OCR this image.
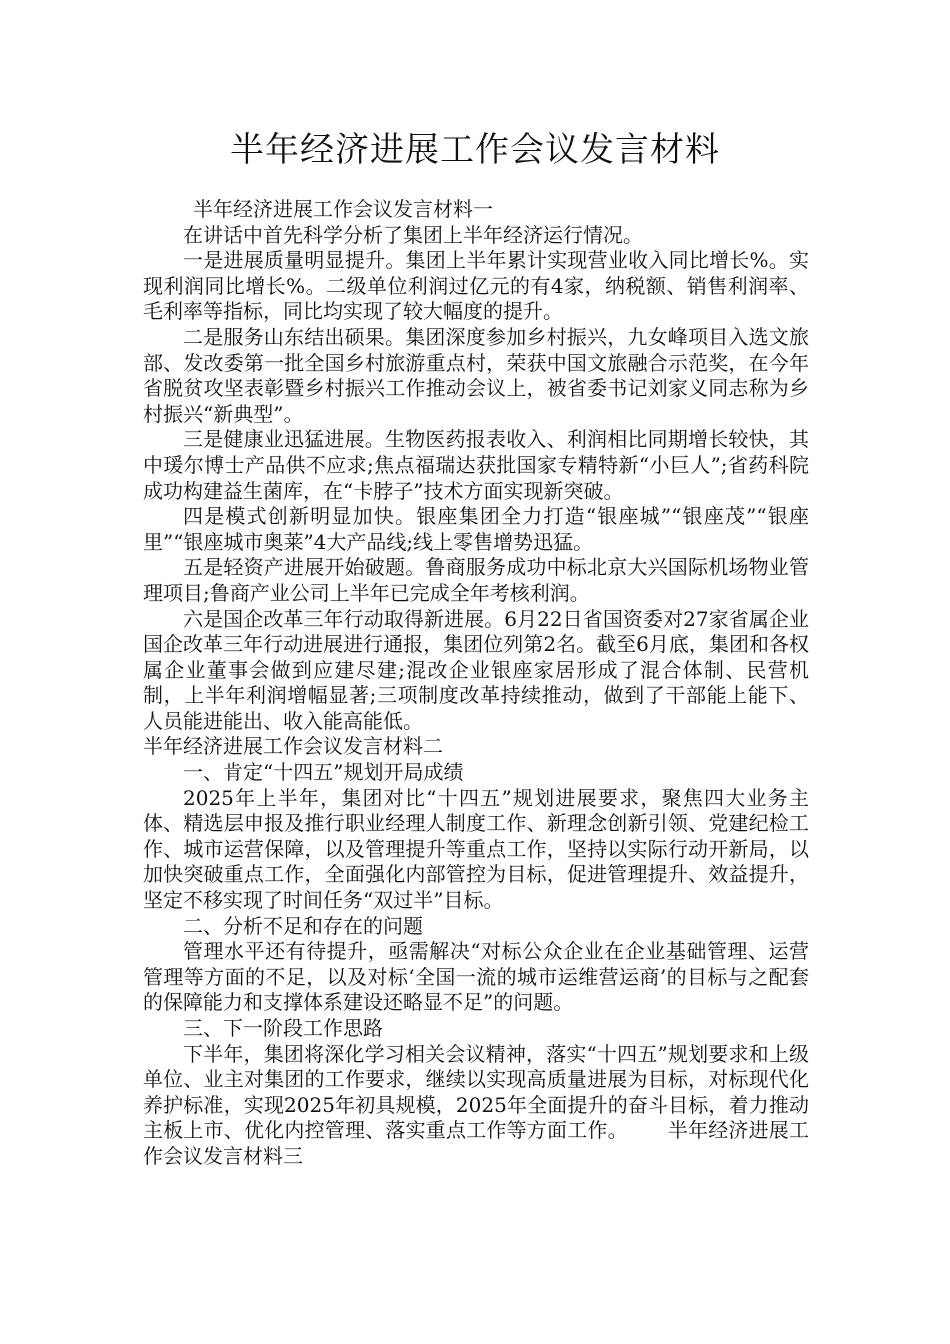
半年经济进展工作会议发言材料

半年经济进展工作会议发言材料一

在讲话中首先科学分析了集团上半年经济运行情况。

一是进展质量明显提升。集团上半年累计实现营业收入同比增长%。实现利润同比增长%。二级单位利润过亿元的有4家，纳税额、销售利润率、毛利率等指标，同比均实现了较大幅度的提升。

二是服务山东结出硕果。集团深度参加乡村振兴，九女峰项目入选文旅部、发改委第一批全国乡村旅游重点村，荣获中国文旅融合示范奖，在今年省脱贫攻坚表彰暨乡村振兴工作推动会议上，被省委书记刘家义同志称为乡村振兴“新典型”。

三是健康业迅猛进展。生物医药报表收入、利润相比同期增长较快，其中瑗尔博士产品供不应求;焦点福瑞达获批国家专精特新“小巨人”;省药科院成功构建益生菌库，在“卡脖子”技术方面实现新突破。

四是模式创新明显加快。银座集团全力打造“银座城”“银座茂”“银座里”“银座城市奥莱”4大产品线;线上零售增势迅猛。

五是轻资产进展开始破题。鲁商服务成功中标北京大兴国际机场物业管理项目;鲁商产业公司上半年已完成全年考核利润。

六是国企改革三年行动取得新进展。6月22日省国资委对27家省属企业国企改革三年行动进展进行通报，集团位列第2名。截至6月底，集团和各权属企业董事会做到应建尽建;混改企业银座家居形成了混合体制、民营机制，上半年利润增幅显著;三项制度改革持续推动，做到了干部能上能下、人员能进能出、收入能高能低。

半年经济进展工作会议发言材料二

一、肯定“十四五”规划开局成绩

2025年上半年，集团对比“十四五”规划进展要求，聚焦四大业务主体、精选层申报及推行职业经理人制度工作、新理念创新引领、党建纪检工作、城市运营保障，以及管理提升等重点工作，坚持以实际行动开新局，以加快突破重点工作，全面强化内部管控为目标，促进管理提升、效益提升，坚定不移实现了时间任务“双过半”目标。

二、分析不足和存在的问题

管理水平还有待提升，亟需解决“对标公众企业在企业基础管理、运营管理等方面的不足，以及对标‘全国一流的城市运维营运商’的目标与之配套的保障能力和支撑体系建设还略显不足”的问题。

三、下一阶段工作思路

下半年，集团将深化学习相关会议精神，落实“十四五”规划要求和上级单位、业主对集团的工作要求，继续以实现高质量进展为目标，对标现代化养护标准，实现2025年初具规模，2025年全面提升的奋斗目标，着力推动主板上市、优化内控管理、落实重点工作等方面工作。 半年经济进展工作会议发言材料三
